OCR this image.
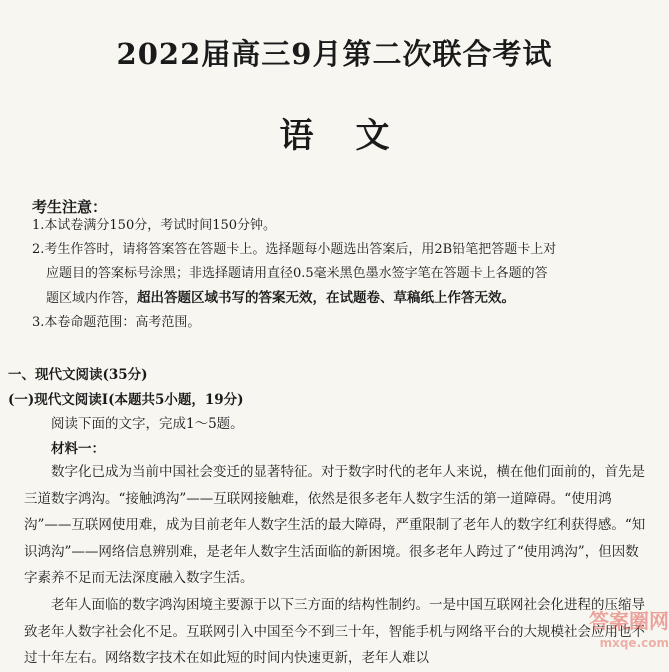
2022届高三9月第二次联合考试
语文
考生注意：
1.本试卷满分150分，考试时间150分钟。
2.考生作答时，请将答案答在答题卡上。选择题每小题选出答案后，用2B铅笔把答题卡上对
应题目的答案标号涂黑；非选择题请用直径0.5毫米黑色墨水签字笔在答题卡上各题的答
题区域内作答，超出答题区域书写的答案无效，在试题卷、草稿纸上作答无效。
3.本卷命题范围：高考范围。
一、现代文阅读(35分)
(一)现代文阅读Ⅰ(本题共5小题，19分)
阅读下面的文字，完成1～5题。
材料一：

数字化已成为当前中国社会变迁的显著特征。对于数字时代的老年人来说，横在他们面前的，首先是三道数字鸿沟。“接触鸿沟”——互联网接触难，依然是很多老年人数字生活的第一道障碍。“使用鸿沟”——互联网使用难，成为目前老年人数字生活的最大障碍，严重限制了老年人的数字红利获得感。“知识鸿沟”——网络信息辨别难，是老年人数字生活面临的新困境。很多老年人跨过了“使用鸿沟”，但因数字素养不足而无法深度融入数字生活。

老年人面临的数字鸿沟困境主要源于以下三方面的结构性制约。一是中国互联网社会化进程的压缩导致老年人数字社会化不足。互联网引入中国至今不到三十年，智能手机与网络平台的大规模社会应用也不过十年左右。网络数字技术在如此短的时间内快速更新，老年人难以

答案圈网
mxqe.com
